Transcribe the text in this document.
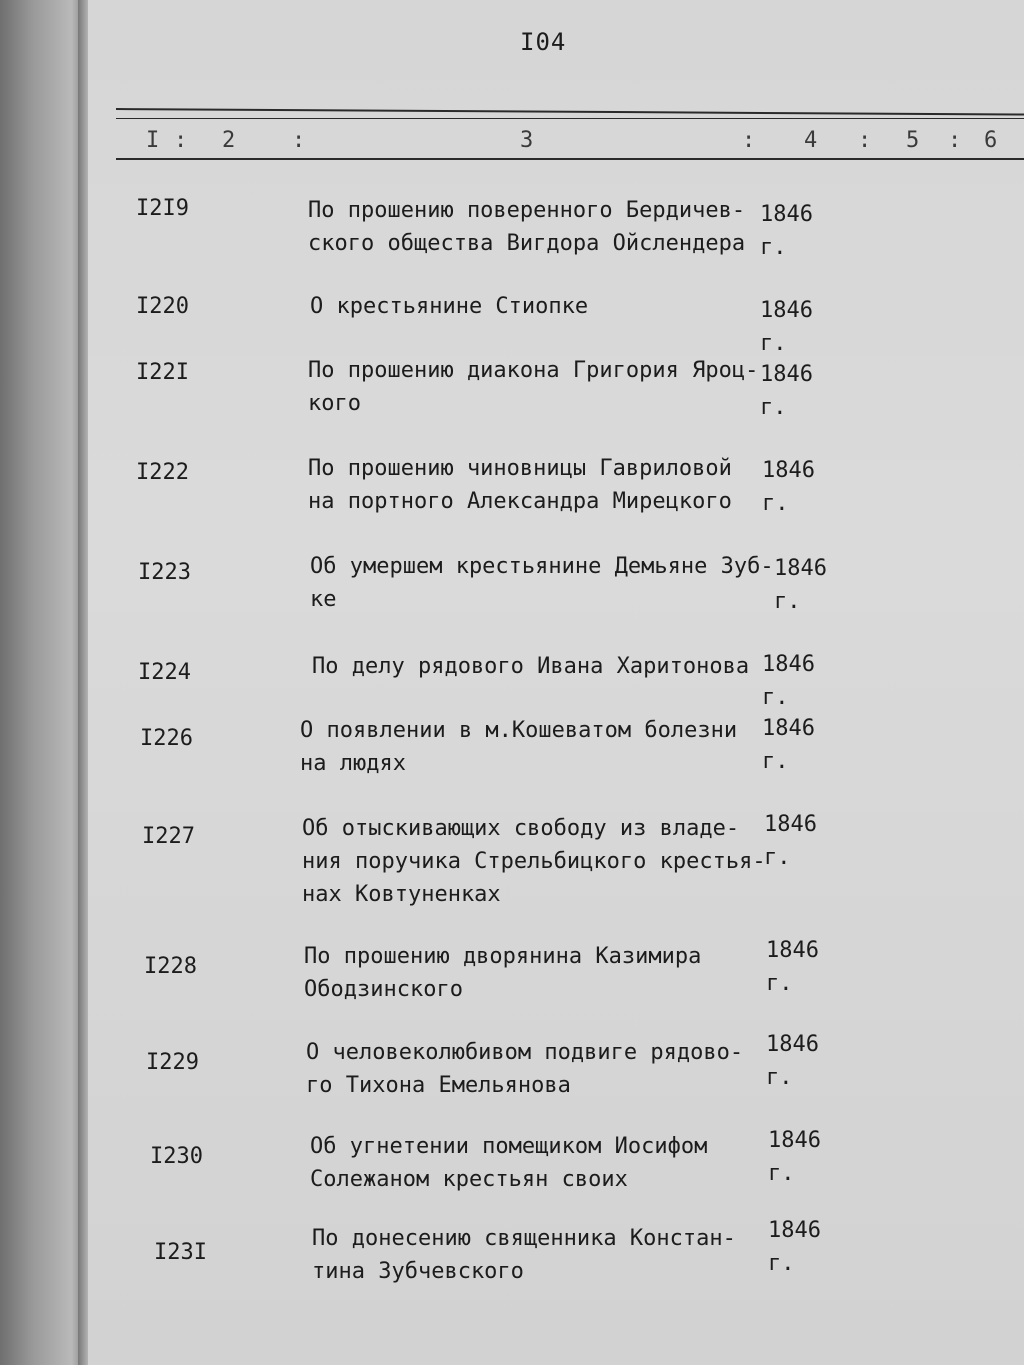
I04
I : 2	:	3	: 4 : 5 : 6
I2I9	По прошению поверенного Бердичев-
ского общества Вигдора Ойслендера
1846 г.
I220	О крестьянине Стиопке	1846 г.
I22I	По прошению диакона Григория Яроц-
кого
1846 г.
I222	По прошению чиновницы Гавриловой
на портного Александра Мирецкого
1846 г.
I223	Об умершем крестьянине Демьяне Зуб-
ке
1846 г.
I224	По делу рядового Ивана Харитонова 1846 г.
I226	О появлении в м.Кошеватом болезни
на людях
1846 г.
I227	Об отыскивающих свободу из владе-
ния поручика Стрельбицкого крестья-
нах Ковтуненках
1846 г.
I228	По прошению дворянина Казимира
Ободзинского
1846 г.
I229	О человеколюбивом подвиге рядово-
го Тихона Емельянова
1846 г.
I230	Об угнетении помещиком Иосифом
Солежаном крестьян своих
1846 г.
I23I
По донесению священника Констан-
тина Зубчевского
1846 г.
